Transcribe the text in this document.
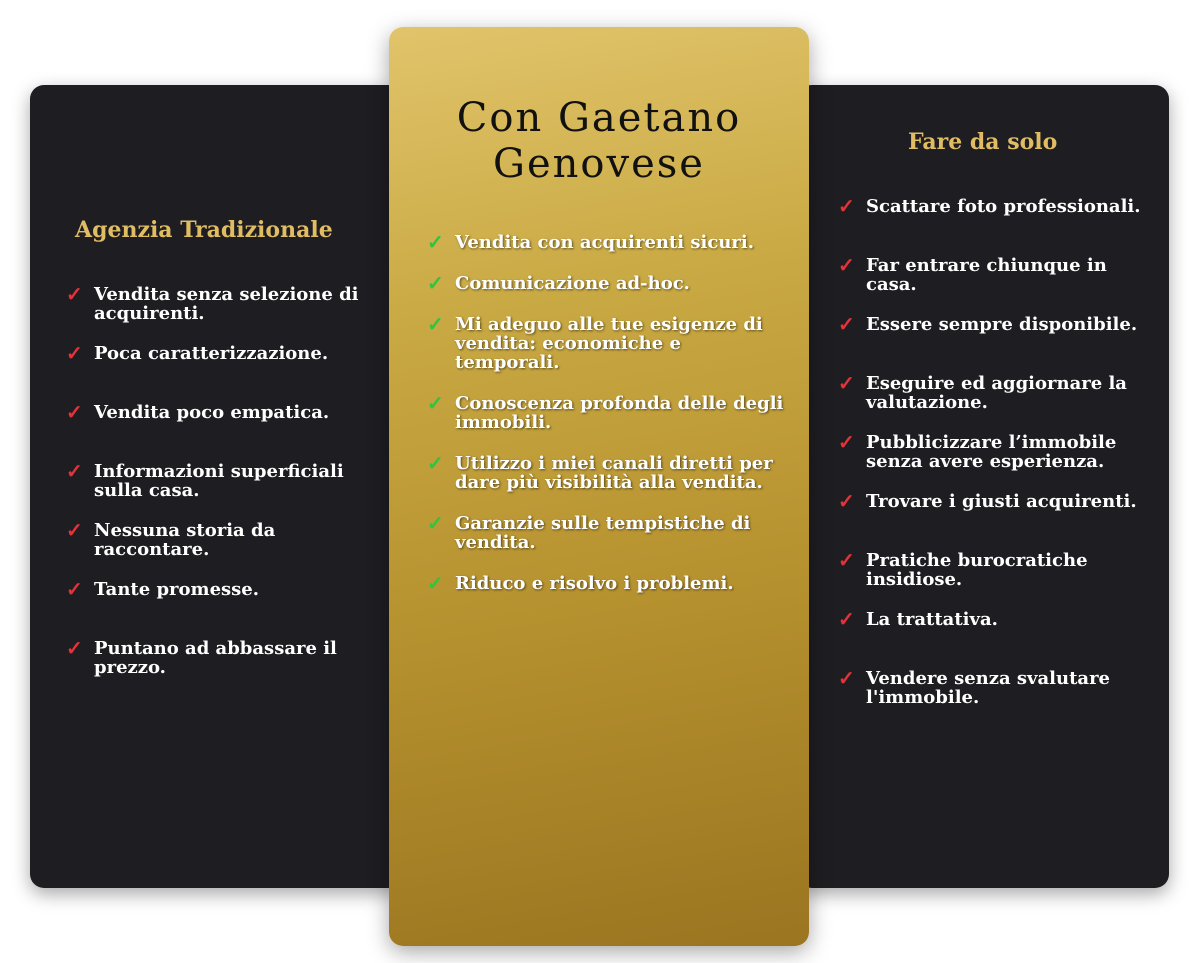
Agenzia Tradizionale
✓ Vendita senza selezione di acquirenti.
✓ Poca caratterizzazione.
✓ Vendita poco empatica.
✓ Informazioni superficiali sulla casa.
✓ Nessuna storia da raccontare.
✓ Tante promesse.
✓ Puntano ad abbassare il prezzo.
Con Gaetano
Genovese
✓ Vendita con acquirenti sicuri.
✓ Comunicazione ad-hoc.
✓ Mi adeguo alle tue esigenze di vendita: economiche e temporali.
✓ Conoscenza profonda delle degli immobili.
✓ Utilizzo i miei canali diretti per dare più visibilità alla vendita.
✓ Garanzie sulle tempistiche di vendita.
✓ Riduco e risolvo i problemi.
Fare da solo
✓ Scattare foto professionali.
✓ Far entrare chiunque in casa.
✓ Essere sempre disponibile.
✓ Eseguire ed aggiornare la valutazione.
✓ Pubblicizzare l’immobile senza avere esperienza.
✓ Trovare i giusti acquirenti.
✓ Pratiche burocratiche insidiose.
✓ La trattativa.
✓ Vendere senza svalutare l'immobile.
